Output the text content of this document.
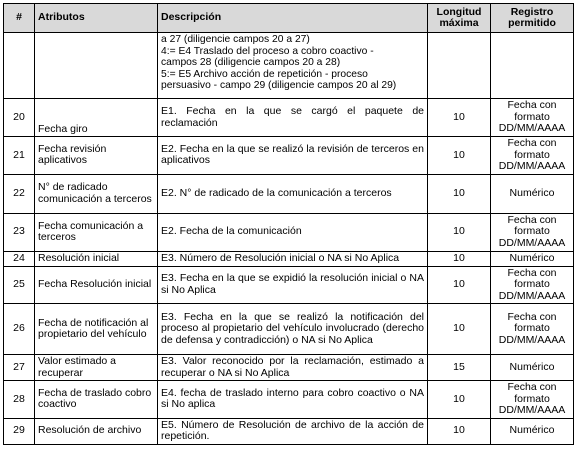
#	Atributos	Descripción	Longitud máxima	Registro permitido

		a 27 (diligencie campos 20 a 27)
4:= E4 Traslado del proceso a cobro coactivo -
campos 28 (diligencie campos 20 a 28)
5:= E5 Archivo acción de repetición - proceso
persuasivo - campo 29 (diligencie campos 20 al 29)		

20	Fecha giro	E1. Fecha en la que se cargó el paquete de reclamación	10	Fecha con formato DD/MM/AAAA
21	Fecha revisión aplicativos	E2. Fecha en la que se realizó la revisión de terceros en aplicativos	10	Fecha con formato DD/MM/AAAA
22	N° de radicado comunicación a terceros	E2. N° de radicado de la comunicación a terceros	10	Numérico
23	Fecha comunicación a terceros	E2. Fecha de la comunicación	10	Fecha con formato DD/MM/AAAA
24	Resolución inicial	E3. Número de Resolución inicial o NA si No Aplica	10	Numérico
25	Fecha Resolución inicial	E3. Fecha en la que se expidió la resolución inicial o NA si No Aplica	10	Fecha con formato DD/MM/AAAA
26	Fecha de notificación al propietario del vehículo	E3. Fecha en la que se realizó la notificación del proceso al propietario del vehículo involucrado (derecho de defensa y contradicción) o NA si No Aplica	10	Fecha con formato DD/MM/AAAA
27	Valor estimado a recuperar	E3. Valor reconocido por la reclamación, estimado a recuperar o NA si No Aplica	15	Numérico
28	Fecha de traslado cobro coactivo	E4. fecha de traslado interno para cobro coactivo o NA si No aplica	10	Fecha con formato DD/MM/AAAA
29	Resolución de archivo	E5. Número de Resolución de archivo de la acción de repetición.	10	Numérico
